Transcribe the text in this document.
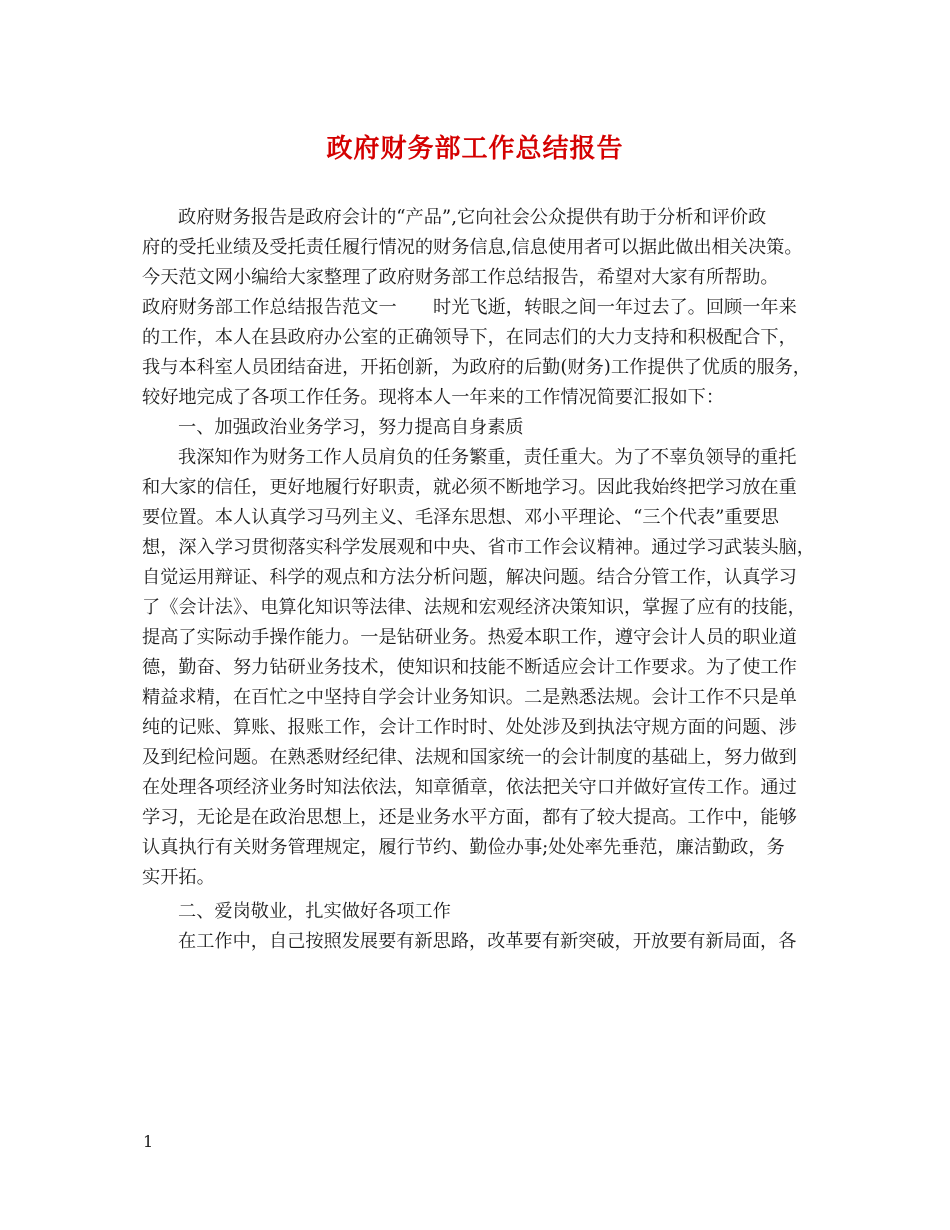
政府财务部工作总结报告
政府财务报告是政府会计的“产品”,它向社会公众提供有助于分析和评价政
府的受托业绩及受托责任履行情况的财务信息,信息使用者可以据此做出相关决策。
今天范文网小编给大家整理了政府财务部工作总结报告，希望对大家有所帮助。
政府财务部工作总结报告范文一　　时光飞逝，转眼之间一年过去了。回顾一年来
的工作，本人在县政府办公室的正确领导下，在同志们的大力支持和积极配合下，
我与本科室人员团结奋进，开拓创新，为政府的后勤(财务)工作提供了优质的服务，
较好地完成了各项工作任务。现将本人一年来的工作情况简要汇报如下：
一、加强政治业务学习，努力提高自身素质
我深知作为财务工作人员肩负的任务繁重，责任重大。为了不辜负领导的重托
和大家的信任，更好地履行好职责，就必须不断地学习。因此我始终把学习放在重
要位置。本人认真学习马列主义、毛泽东思想、邓小平理论、“三个代表”重要思
想，深入学习贯彻落实科学发展观和中央、省市工作会议精神。通过学习武装头脑，
自觉运用辩证、科学的观点和方法分析问题，解决问题。结合分管工作，认真学习
了《会计法》、电算化知识等法律、法规和宏观经济决策知识，掌握了应有的技能，
提高了实际动手操作能力。一是钻研业务。热爱本职工作，遵守会计人员的职业道
德，勤奋、努力钻研业务技术，使知识和技能不断适应会计工作要求。为了使工作
精益求精，在百忙之中坚持自学会计业务知识。二是熟悉法规。会计工作不只是单
纯的记账、算账、报账工作，会计工作时时、处处涉及到执法守规方面的问题、涉
及到纪检问题。在熟悉财经纪律、法规和国家统一的会计制度的基础上，努力做到
在处理各项经济业务时知法依法，知章循章，依法把关守口并做好宣传工作。通过
学习，无论是在政治思想上，还是业务水平方面，都有了较大提高。工作中，能够
认真执行有关财务管理规定，履行节约、勤俭办事;处处率先垂范，廉洁勤政，务
实开拓。
二、爱岗敬业，扎实做好各项工作
在工作中，自己按照发展要有新思路，改革要有新突破，开放要有新局面，各
1
